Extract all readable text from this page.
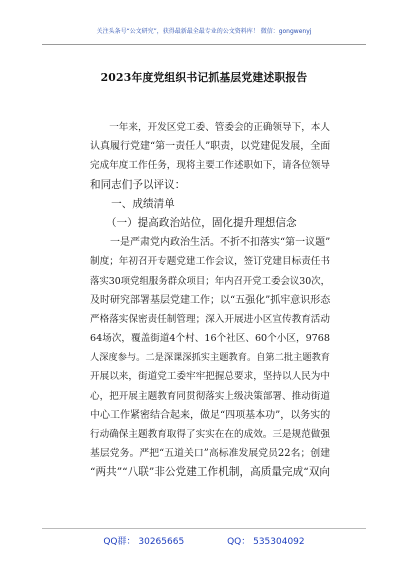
关注头条号“公文研究”，获得最新最全最专业的公文资料库！ 微信：gongwenyj
2023年度党组织书记抓基层党建述职报告
　　一年来，开发区党工委、管委会的正确领导下，本人
认真履行党建“第一责任人”职责，以党建促发展，全面
完成年度工作任务，现将主要工作述职如下，请各位领导
和同志们予以评议：
　　一、成绩清单
　　（一）提高政治站位，固化提升理想信念
　　一是严肃党内政治生活。不折不扣落实“第一议题”
制度；年初召开专题党建工作会议，签订党建目标责任书
落实30项党组服务群众项目；年内召开党工委会议30次，
及时研究部署基层党建工作；以“五强化”抓牢意识形态
严格落实保密责任制管理；深入开展进小区宣传教育活动
64场次，覆盖街道4个村、16个社区、60个小区，9768
人深度参与。二是深课深抓实主题教育。自第二批主题教育
开展以来，街道党工委牢牢把握总要求，坚持以人民为中
心，把开展主题教育同贯彻落实上级决策部署、推动街道
中心工作紧密结合起来，做足“四项基本功”，以务实的
行动确保主题教育取得了实实在在的成效。三是规范做强
基层党务。严把“五道关口”高标准发展党员22名；创建
“两共”“八联”非公党建工作机制，高质量完成“双向
QQ群： 30265665	QQ： 535304092
